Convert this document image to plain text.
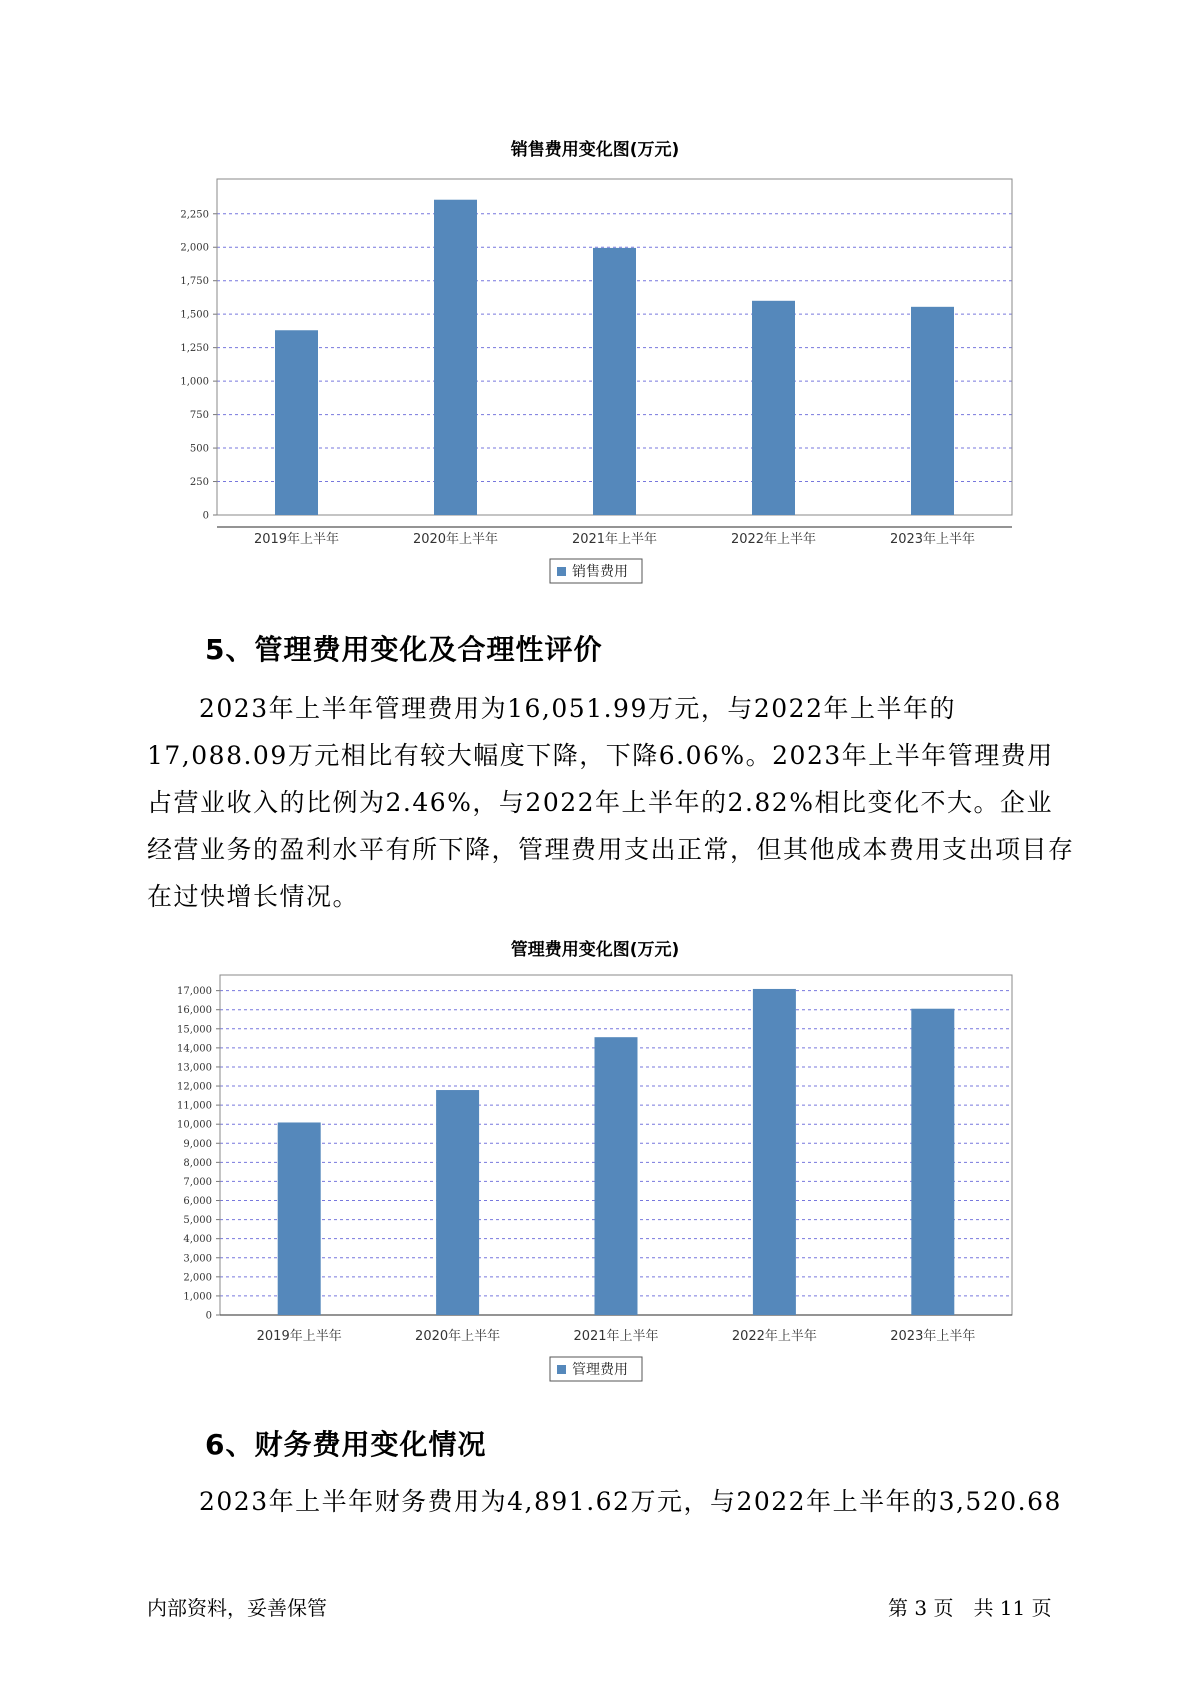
销售费用变化图(万元)
0
250
500
750
1,000
1,250
1,500
1,750
2,000
2,250
2019年上半年	2020年上半年	2021年上半年	2022年上半年	2023年上半年
销售费用
5、管理费用变化及合理性评价

2023年上半年管理费用为16,051.99万元，与2022年上半年的17,088.09万元相比有较大幅度下降，下降6.06%。2023年上半年管理费用占营业收入的比例为2.46%，与2022年上半年的2.82%相比变化不大。企业经营业务的盈利水平有所下降，管理费用支出正常，但其他成本费用支出项目存在过快增长情况。

管理费用变化图(万元)
0
1,000
2,000
3,000
4,000
5,000
6,000
7,000
8,000
9,000
10,000
11,000
12,000
13,000
14,000
15,000
16,000
17,000
2019年上半年	2020年上半年	2021年上半年	2022年上半年	2023年上半年
管理费用
6、财务费用变化情况

2023年上半年财务费用为4,891.62万元，与2022年上半年的3,520.68

内部资料，妥善保管	第 3 页　共 11 页
